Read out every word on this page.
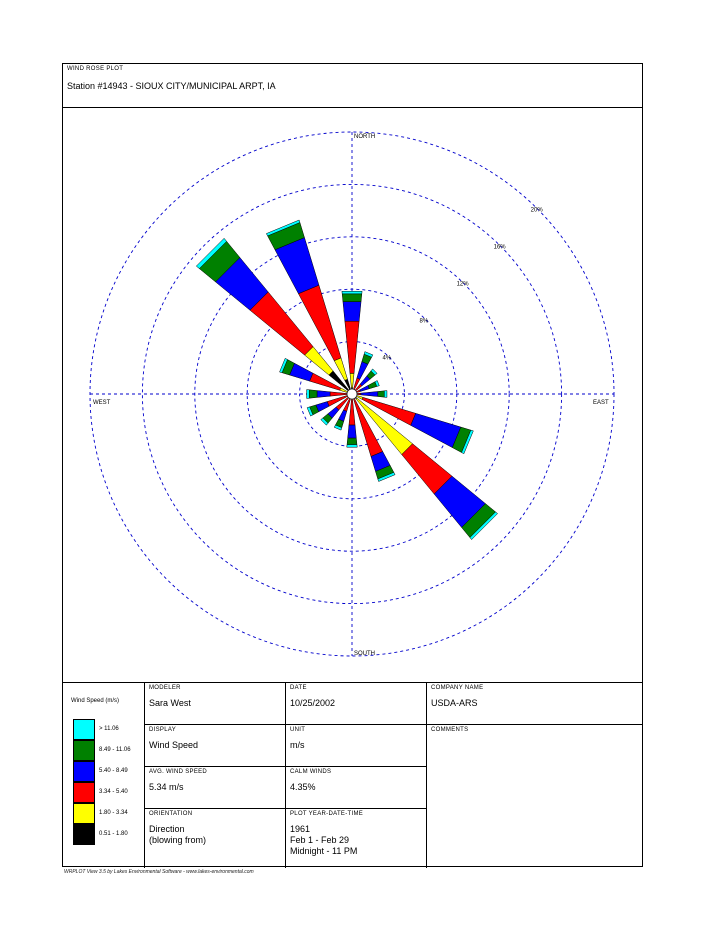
WIND ROSE PLOT
Station #14943 - SIOUX CITY/MUNICIPAL ARPT, IA
4%
8%
12%
16%
20%
NORTH
SOUTH
EAST
WEST
Wind Speed (m/s)
> 11.06
8.49 - 11.06
5.40 - 8.49
3.34 - 5.40
1.80 - 3.34
0.51 - 1.80
MODELER
Sara West
DATE
10/25/2002
COMPANY NAME
USDA-ARS
DISPLAY
Wind Speed
UNIT
m/s
COMMENTS
AVG. WIND SPEED
5.34 m/s
CALM WINDS
4.35%
ORIENTATION
Direction
(blowing from)
PLOT YEAR-DATE-TIME
1961
Feb 1 - Feb 29
Midnight - 11 PM
WRPLOT View 3.5 by Lakes Environmental Software - www.lakes-environmental.com
